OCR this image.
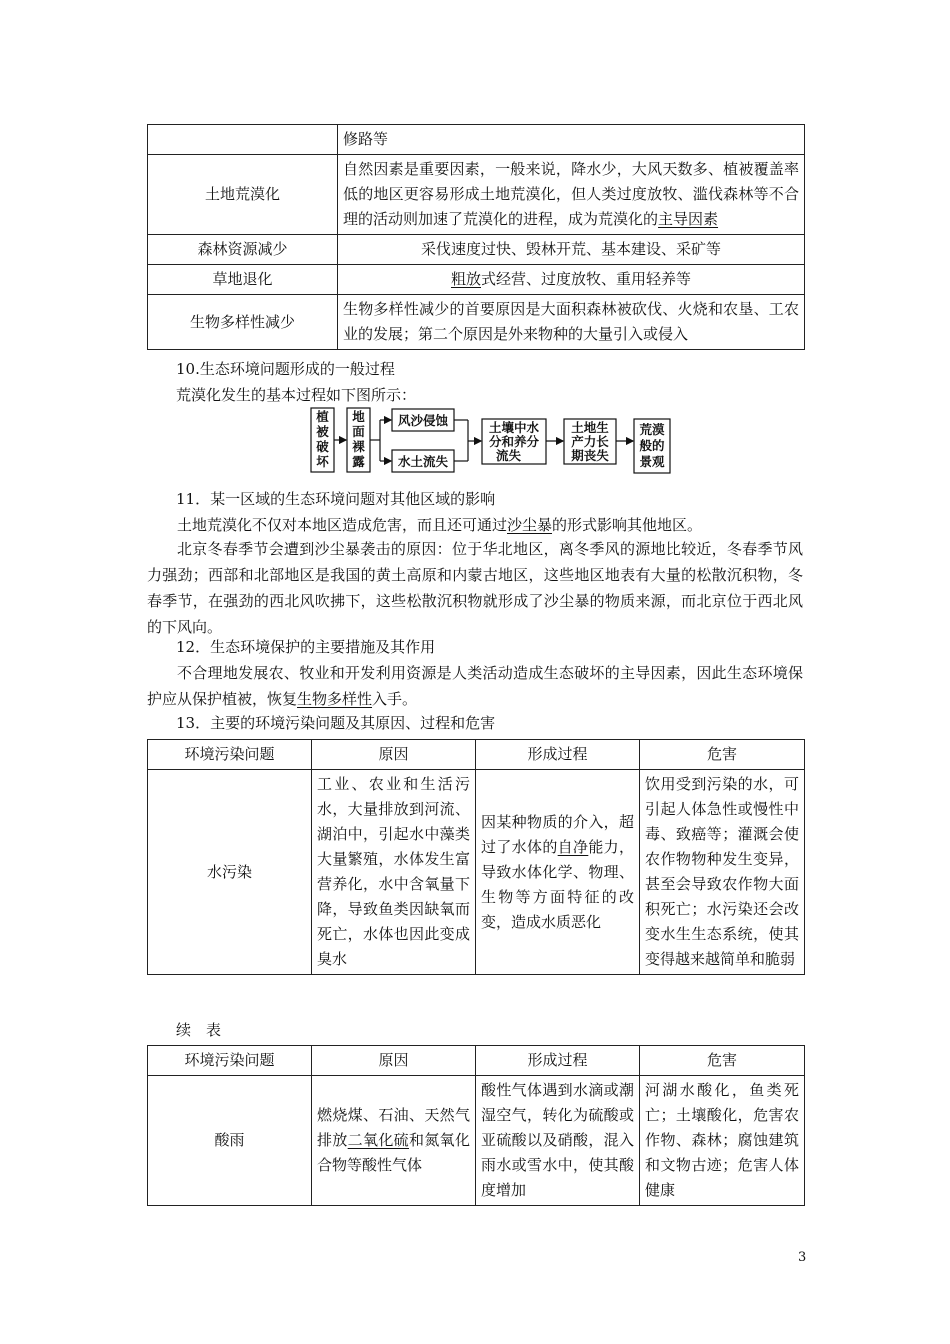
	修路等
土地荒漠化	自然因素是重要因素，一般来说，降水少，大风天数多、植被覆盖率低的地区更容易形成土地荒漠化，但人类过度放牧、滥伐森林等不合理的活动则加速了荒漠化的进程，成为荒漠化的主导因素
森林资源减少	采伐速度过快、毁林开荒、基本建设、采矿等
草地退化	粗放式经营、过度放牧、重用轻养等
生物多样性减少	生物多样性减少的首要原因是大面积森林被砍伐、火烧和农垦、工农业的发展；第二个原因是外来物种的大量引入或侵入
10.生态环境问题形成的一般过程
荒漠化发生的基本过程如下图所示：
植
被
破
坏
地
面
裸
露
风沙侵蚀
水土流失
土壤中水
分和养分
流失
土地生
产力长
期丧失
荒漠
般的
景观
11．某一区域的生态环境问题对其他区域的影响
土地荒漠化不仅对本地区造成危害，而且还可通过沙尘暴的形式影响其他地区。
北京冬春季节会遭到沙尘暴袭击的原因：位于华北地区，离冬季风的源地比较近，冬春季节风力强劲；西部和北部地区是我国的黄土高原和内蒙古地区，这些地区地表有大量的松散沉积物，冬春季节，在强劲的西北风吹拂下，这些松散沉积物就形成了沙尘暴的物质来源，而北京位于西北风的下风向。
12．生态环境保护的主要措施及其作用
不合理地发展农、牧业和开发利用资源是人类活动造成生态破坏的主导因素，因此生态环境保护应从保护植被，恢复生物多样性入手。
13．主要的环境污染问题及其原因、过程和危害
环境污染问题	原因	形成过程	危害
水污染	工业、农业和生活污水，大量排放到河流、湖泊中，引起水中藻类大量繁殖，水体发生富营养化，水中含氧量下降，导致鱼类因缺氧而死亡，水体也因此变成臭水	因某种物质的介入，超过了水体的自净能力，导致水体化学、物理、生物等方面特征的改变，造成水质恶化	饮用受到污染的水，可引起人体急性或慢性中毒、致癌等；灌溉会使农作物物种发生变异，甚至会导致农作物大面积死亡；水污染还会改变水生生态系统，使其变得越来越简单和脆弱
续　表
环境污染问题	原因	形成过程	危害
酸雨	燃烧煤、石油、天然气排放二氧化硫和氮氧化合物等酸性气体	酸性气体遇到水滴或潮湿空气，转化为硫酸或亚硫酸以及硝酸，混入雨水或雪水中，使其酸度增加	河湖水酸化，鱼类死亡；土壤酸化，危害农作物、森林；腐蚀建筑和文物古迹；危害人体健康
3
